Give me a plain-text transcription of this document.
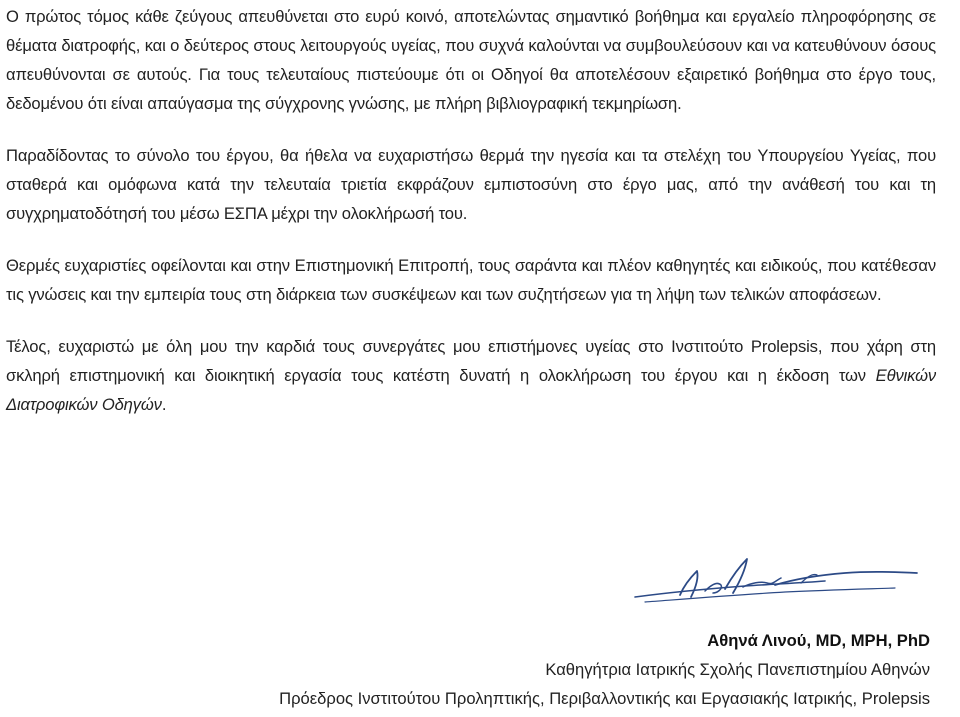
Ο πρώτος τόμος κάθε ζεύγους απευθύνεται στο ευρύ κοινό, αποτελώντας σημαντικό βοήθημα και εργαλείο πληροφόρησης σε θέματα διατροφής, και ο δεύτερος στους λειτουργούς υγείας, που συχνά καλούνται να συμβουλεύσουν και να κατευθύνουν όσους απευθύνονται σε αυτούς. Για τους τελευταίους πιστεύουμε ότι οι Οδηγοί θα αποτελέσουν εξαιρετικό βοήθημα στο έργο τους, δεδομένου ότι είναι απαύγασμα της σύγχρονης γνώσης, με πλήρη βιβλιογραφική τεκμηρίωση.

Παραδίδοντας το σύνολο του έργου, θα ήθελα να ευχαριστήσω θερμά την ηγεσία και τα στελέχη του Υπουργείου Υγείας, που σταθερά και ομόφωνα κατά την τελευταία τριετία εκφράζουν εμπιστοσύνη στο έργο μας, από την ανάθεσή του και τη συγχρηματοδότησή του μέσω ΕΣΠΑ μέχρι την ολοκλήρωσή του.

Θερμές ευχαριστίες οφείλονται και στην Επιστημονική Επιτροπή, τους σαράντα και πλέον καθηγητές και ειδικούς, που κατέθεσαν τις γνώσεις και την εμπειρία τους στη διάρκεια των συσκέψεων και των συζητήσεων για τη λήψη των τελικών αποφάσεων.

Τέλος, ευχαριστώ με όλη μου την καρδιά τους συνεργάτες μου επιστήμονες υγείας στο Ινστιτούτο Prolepsis, που χάρη στη σκληρή επιστημονική και διοικητική εργασία τους κατέστη δυνατή η ολοκλήρωση του έργου και η έκδοση των Εθνικών Διατροφικών Οδηγών.

Αθηνά Λινού, MD, MPH, PhD
Καθηγήτρια Ιατρικής Σχολής Πανεπιστημίου Αθηνών
Πρόεδρος Ινστιτούτου Προληπτικής, Περιβαλλοντικής και Εργασιακής Ιατρικής, Prolepsis
